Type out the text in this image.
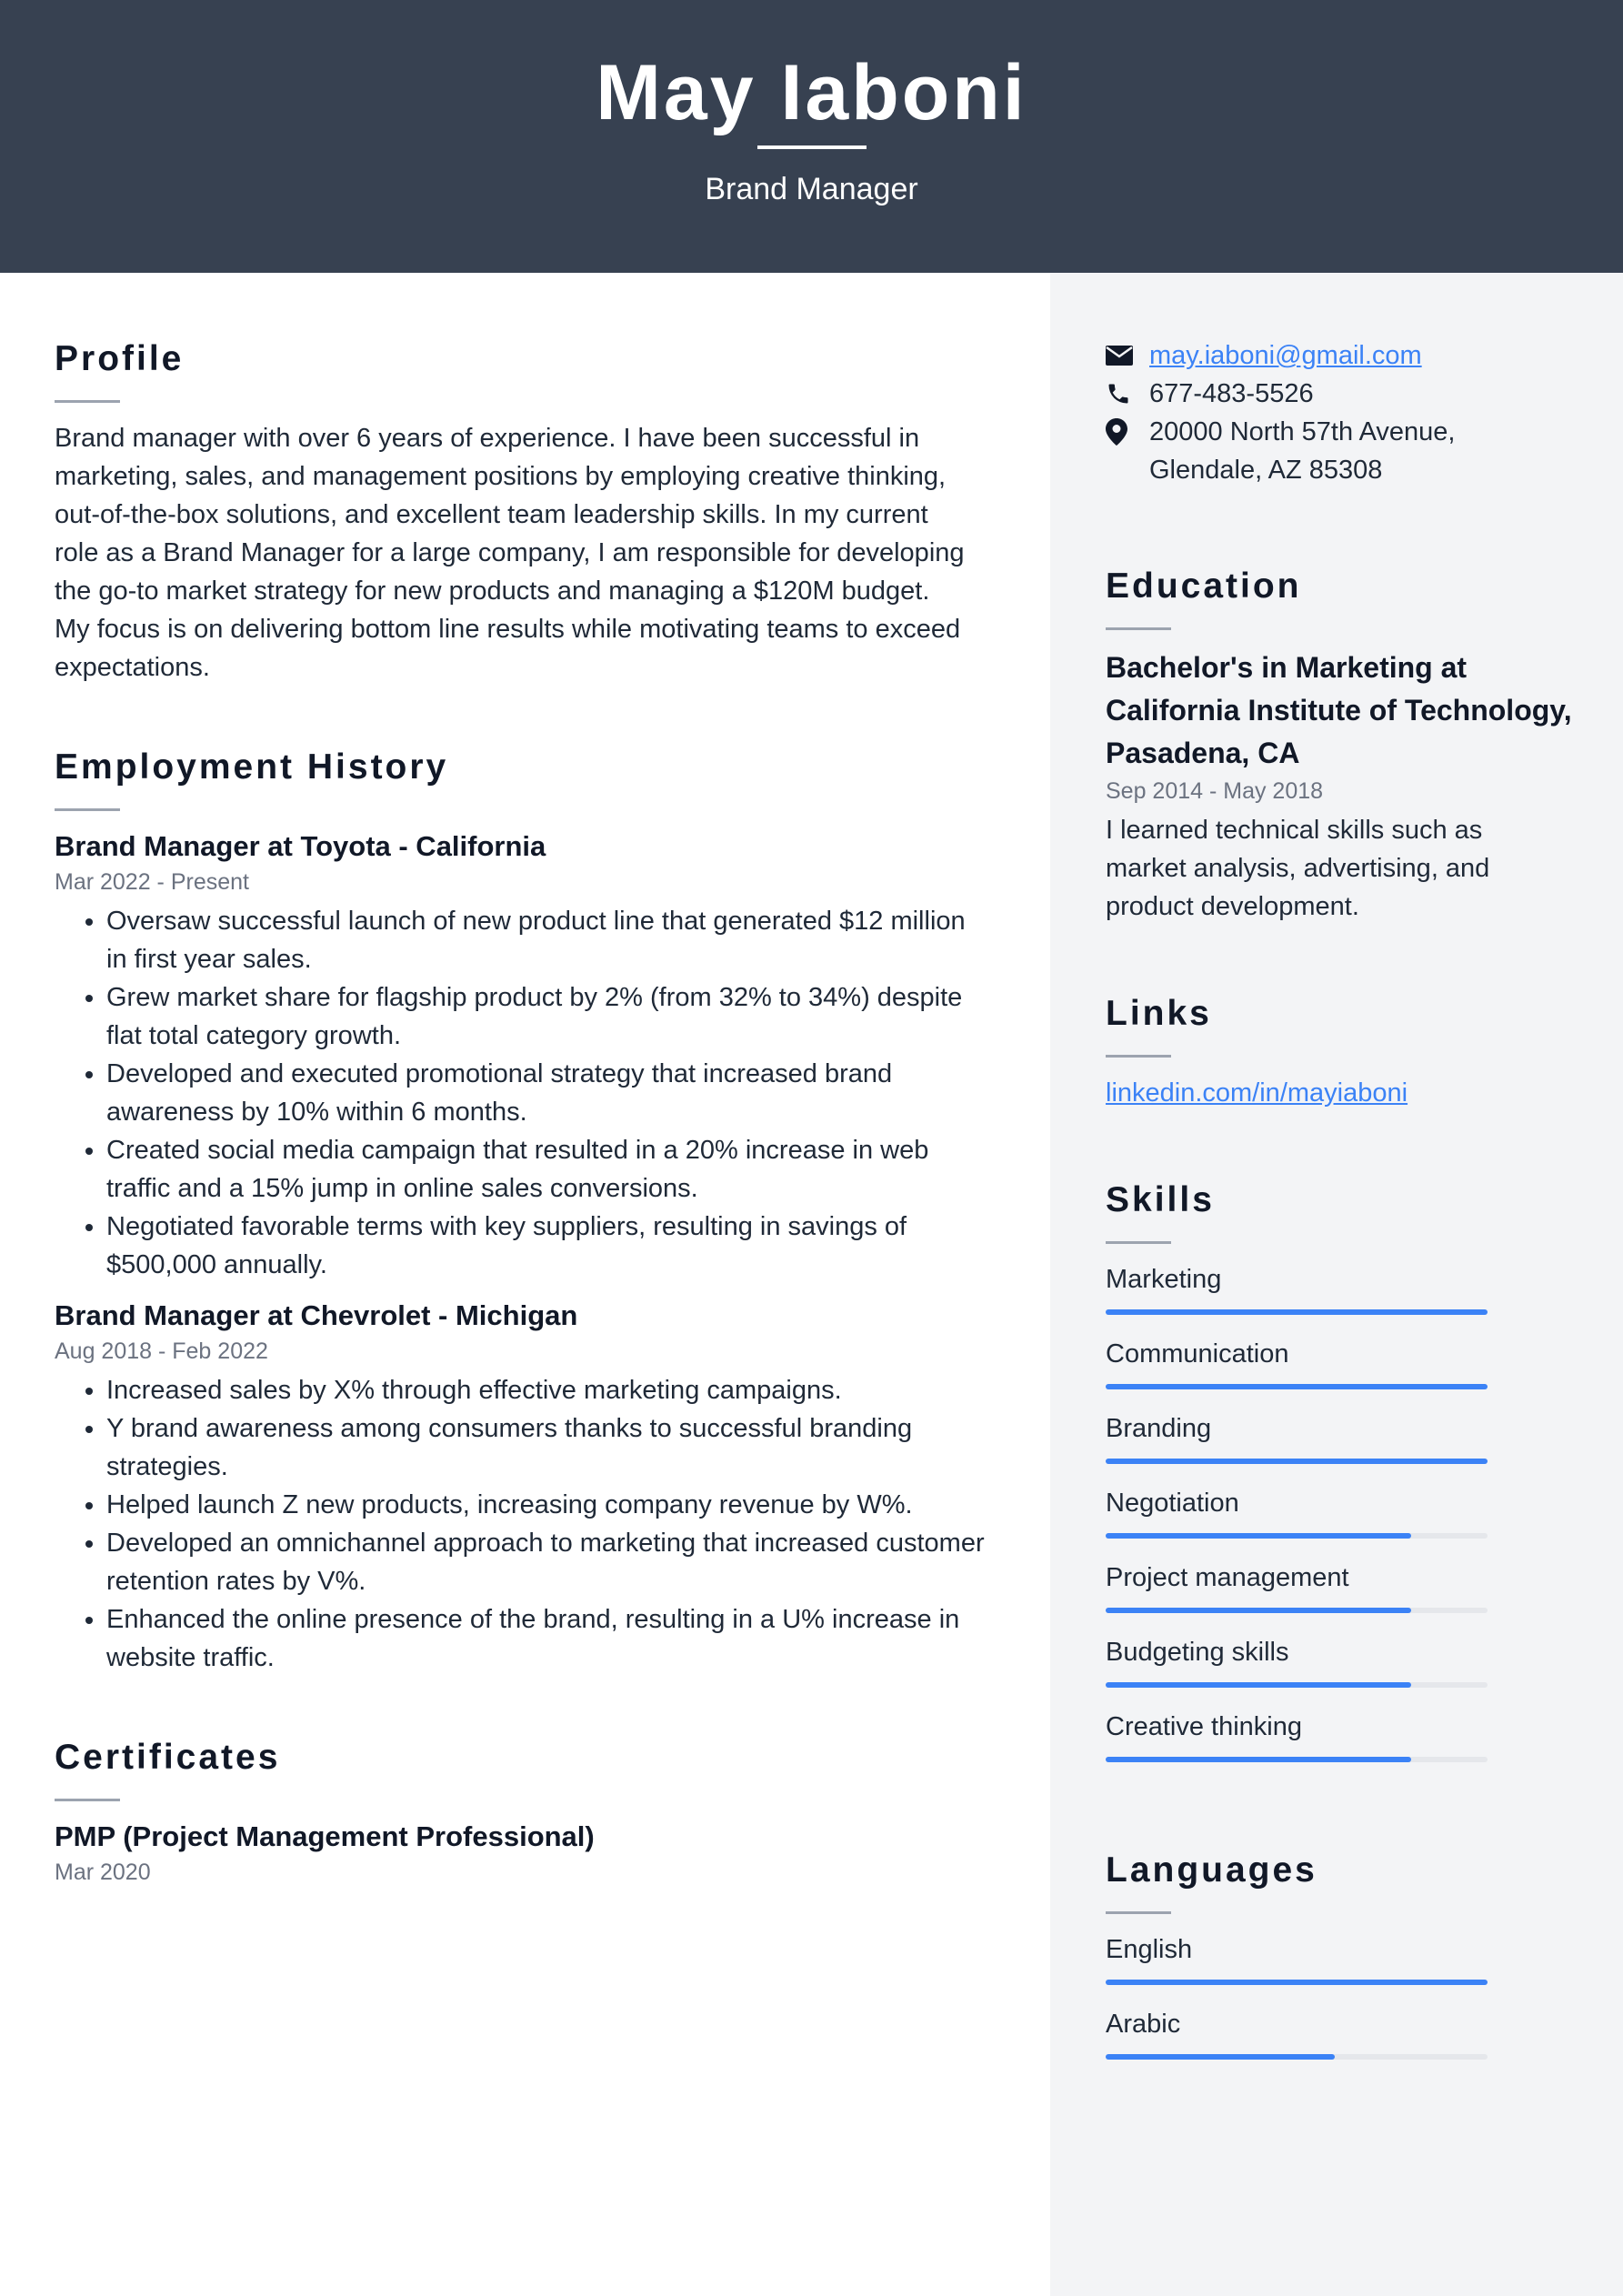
May Iaboni
Brand Manager
Profile

Brand manager with over 6 years of experience. I have been successful in

marketing, sales, and management positions by employing creative thinking,

out-of-the-box solutions, and excellent team leadership skills. In my current

role as a Brand Manager for a large company, I am responsible for developing

the go-to market strategy for new products and managing a $120M budget.

My focus is on delivering bottom line results while motivating teams to exceed

expectations.

Employment History

Brand Manager at Toyota - California

Mar 2022 - Present

• Oversaw successful launch of new product line that generated $12 million in first year sales.
• Grew market share for flagship product by 2% (from 32% to 34%) despite flat total category growth.
• Developed and executed promotional strategy that increased brand awareness by 10% within 6 months.
• Created social media campaign that resulted in a 20% increase in web traffic and a 15% jump in online sales conversions.
• Negotiated favorable terms with key suppliers, resulting in savings of $500,000 annually.

Brand Manager at Chevrolet - Michigan

Aug 2018 - Feb 2022

• Increased sales by X% through effective marketing campaigns.
• Y brand awareness among consumers thanks to successful branding strategies.
• Helped launch Z new products, increasing company revenue by W%.
• Developed an omnichannel approach to marketing that increased customer retention rates by V%.
• Enhanced the online presence of the brand, resulting in a U% increase in website traffic.
Certificates

PMP (Project Management Professional)

Mar 2020

may.iaboni@gmail.com
677-483-5526
20000 North 57th Avenue,
Glendale, AZ 85308
Education

Bachelor's in Marketing at

California Institute of Technology,

Pasadena, CA

Sep 2014 - May 2018

I learned technical skills such as

market analysis, advertising, and

product development.

Links
linkedin.com/in/mayiaboni
Skills
Marketing
Communication
Branding
Negotiation
Project management
Budgeting skills
Creative thinking
Languages
English
Arabic
